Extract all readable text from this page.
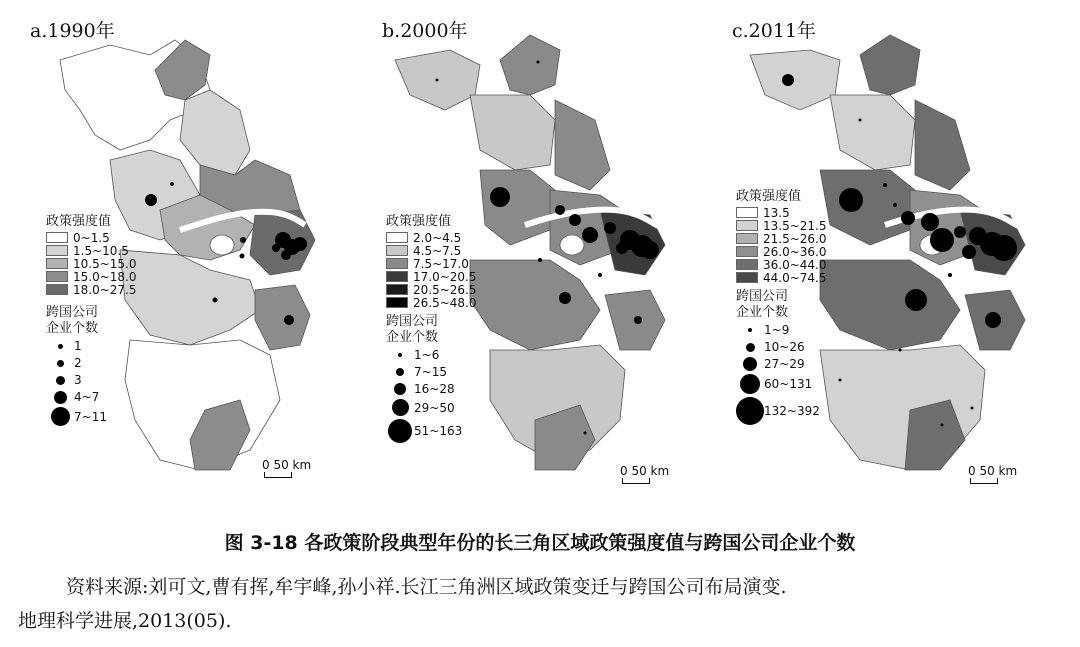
a.1990年
政策强度值
0~1.5
1.5~10.5
10.5~15.0
15.0~18.0
18.0~27.5
跨国公司
企业个数
1
2
3
4~7
7~11
0 50 km
b.2000年
政策强度值
2.0~4.5
4.5~7.5
7.5~17.0
17.0~20.5
20.5~26.5
26.5~48.0
跨国公司
企业个数
1~6
7~15
16~28
29~50
51~163
0 50 km
c.2011年
政策强度值
13.5
13.5~21.5
21.5~26.0
26.0~36.0
36.0~44.0
44.0~74.5
跨国公司
企业个数
1~9
10~26
27~29
60~131
132~392
0 50 km
图 3-18 各政策阶段典型年份的长三角区域政策强度值与跨国公司企业个数
资料来源:刘可文,曹有挥,牟宇峰,孙小祥.长江三角洲区域政策变迁与跨国公司布局演变.
地理科学进展,2013(05).
